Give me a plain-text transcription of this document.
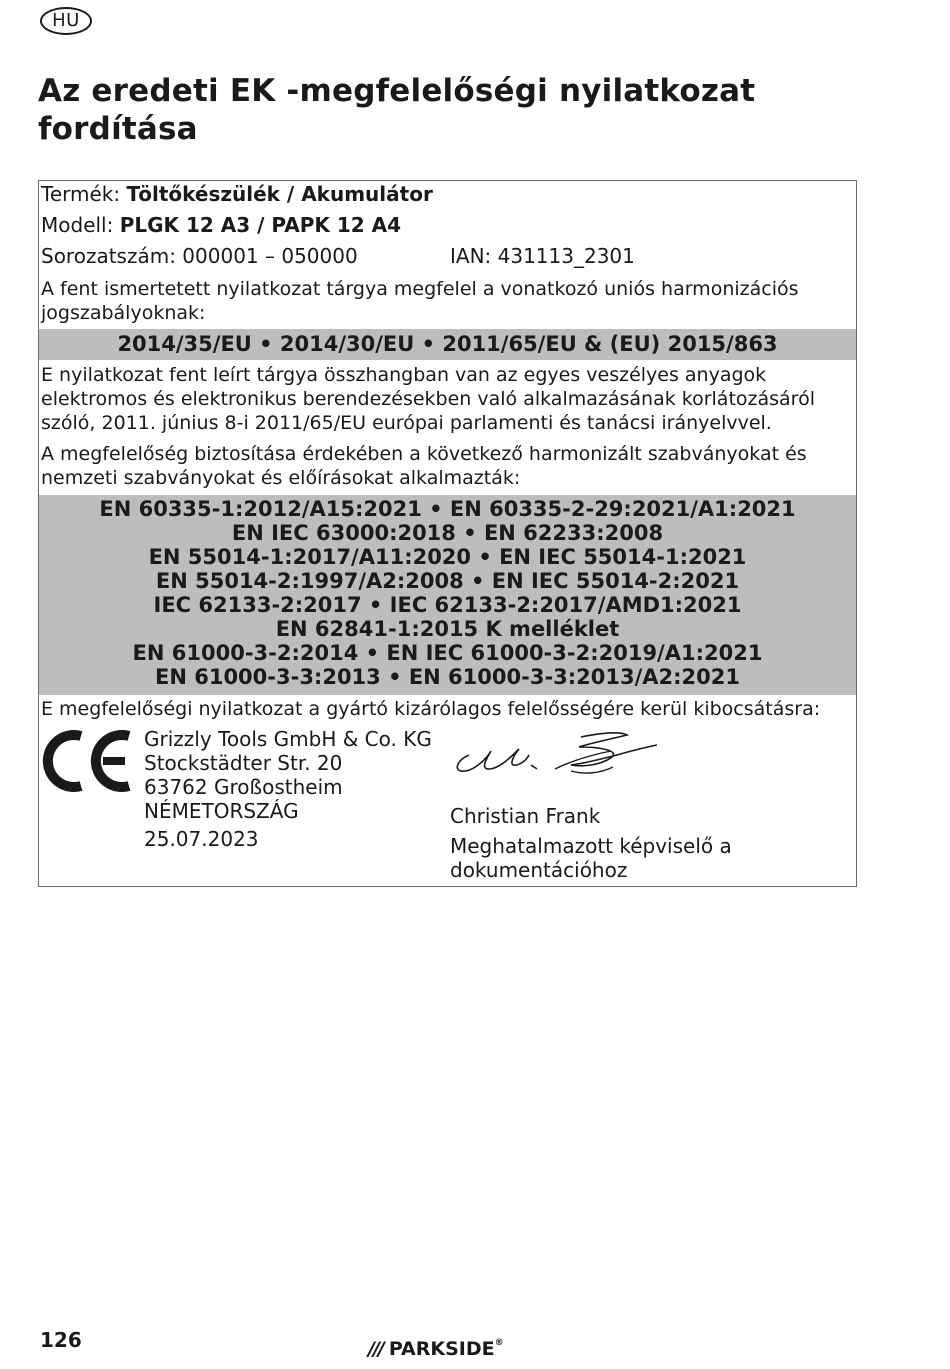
HU
Az eredeti EK -megfelelőségi nyilatkozat fordítása
Termék: Töltőkészülék / Akumulátor
Modell: PLGK 12 A3 / PAPK 12 A4
Sorozatszám: 000001 – 050000	IAN: 431113_2301
A fent ismertetett nyilatkozat tárgya megfelel a vonatkozó uniós harmonizációs jogszabályoknak:
2014/35/EU • 2014/30/EU • 2011/65/EU & (EU) 2015/863
E nyilatkozat fent leírt tárgya összhangban van az egyes veszélyes anyagok elektromos és elektronikus berendezésekben való alkalmazásának korlátozásáról szóló, 2011. június 8-i 2011/65/EU európai parlamenti és tanácsi irányelvvel.
A megfelelőség biztosítása érdekében a következő harmonizált szabványokat és nemzeti szabványokat és előírásokat alkalmazták:
EN 60335-1:2012/A15:2021 • EN 60335-2-29:2021/A1:2021
EN IEC 63000:2018 • EN 62233:2008
EN 55014-1:2017/A11:2020 • EN IEC 55014-1:2021
EN 55014-2:1997/A2:2008 • EN IEC 55014-2:2021
IEC 62133-2:2017 • IEC 62133-2:2017/AMD1:2021
EN 62841-1:2015 K melléklet
EN 61000-3-2:2014 • EN IEC 61000-3-2:2019/A1:2021
EN 61000-3-3:2013 • EN 61000-3-3:2013/A2:2021
E megfelelőségi nyilatkozat a gyártó kizárólagos felelősségére kerül kibocsátásra:
Grizzly Tools GmbH & Co. KG
Stockstädter Str. 20
63762 Großostheim
NÉMETORSZÁG
25.07.2023
Christian Frank
Meghatalmazott képviselő a dokumentációhoz
126	/// PARKSIDE®
